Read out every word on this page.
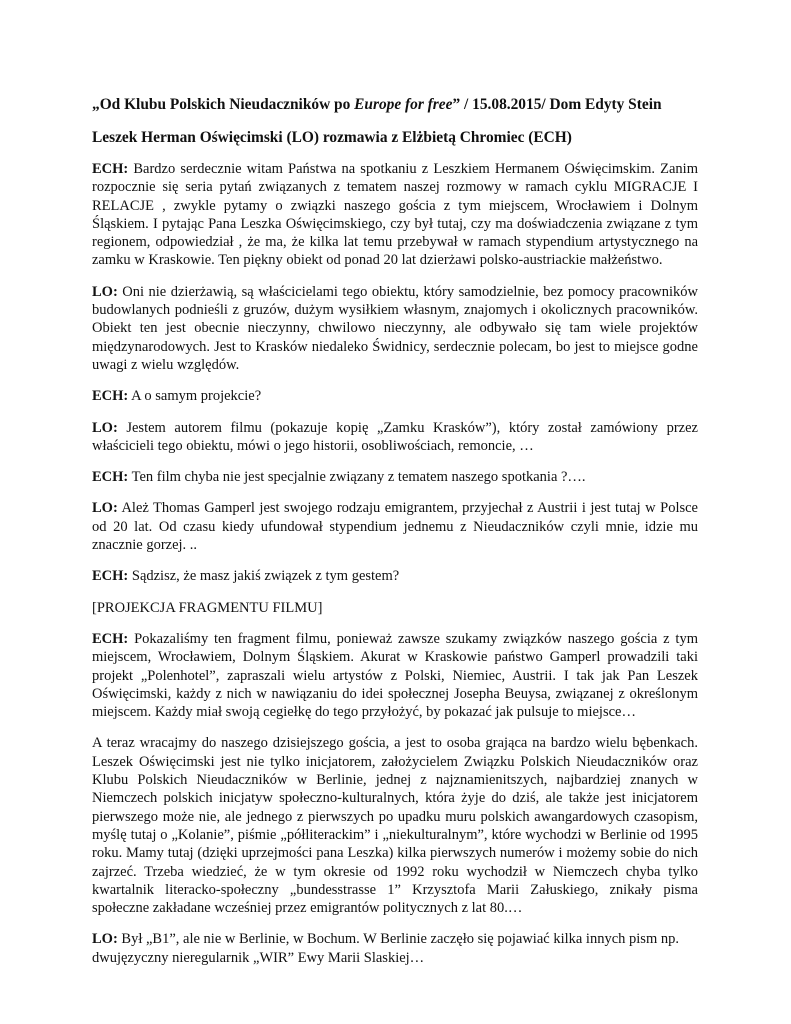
„Od Klubu Polskich Nieudaczników po Europe for free” / 15.08.2015/ Dom Edyty Stein
Leszek Herman Oświęcimski (LO) rozmawia z Elżbietą Chromiec (ECH)

ECH: Bardzo serdecznie witam Państwa na spotkaniu z Leszkiem Hermanem Oświęcimskim. Zanim rozpocznie się seria pytań związanych z tematem naszej rozmowy w ramach cyklu MIGRACJE I RELACJE , zwykle pytamy o związki naszego gościa z tym miejscem, Wrocławiem i Dolnym Śląskiem. I pytając Pana Leszka Oświęcimskiego, czy był tutaj, czy ma doświadczenia związane z tym regionem, odpowiedział , że ma, że kilka lat temu przebywał w ramach stypendium artystycznego na zamku w Kraskowie. Ten piękny obiekt od ponad 20 lat dzierżawi polsko-austriackie małżeństwo.

LO: Oni nie dzierżawią, są właścicielami tego obiektu, który samodzielnie, bez pomocy pracowników budowlanych podnieśli z gruzów, dużym wysiłkiem własnym, znajomych i okolicznych pracowników. Obiekt ten jest obecnie nieczynny, chwilowo nieczynny, ale odbywało się tam wiele projektów międzynarodowych. Jest to Krasków niedaleko Świdnicy, serdecznie polecam, bo jest to miejsce godne uwagi z wielu względów.

ECH: A o samym projekcie?

LO: Jestem autorem filmu (pokazuje kopię „Zamku Krasków”), który został zamówiony przez właścicieli tego obiektu, mówi o jego historii, osobliwościach, remoncie, …

ECH: Ten film chyba nie jest specjalnie związany z tematem naszego spotkania ?….

LO: Ależ Thomas Gamperl jest swojego rodzaju emigrantem, przyjechał z Austrii i jest tutaj w Polsce od 20 lat. Od czasu kiedy ufundował stypendium jednemu z Nieudaczników czyli mnie, idzie mu znacznie gorzej. ..

ECH: Sądzisz, że masz jakiś związek z tym gestem?

[PROJEKCJA FRAGMENTU FILMU]

ECH: Pokazaliśmy ten fragment filmu, ponieważ zawsze szukamy związków naszego gościa z tym miejscem, Wrocławiem, Dolnym Śląskiem. Akurat w Kraskowie państwo Gamperl prowadzili taki projekt „Polenhotel”, zapraszali wielu artystów z Polski, Niemiec, Austrii. I tak jak Pan Leszek Oświęcimski, każdy z nich w nawiązaniu do idei społecznej Josepha Beuysa, związanej z określonym miejscem. Każdy miał swoją cegiełkę do tego przyłożyć, by pokazać jak pulsuje to miejsce…

A teraz wracajmy do naszego dzisiejszego gościa, a jest to osoba grająca na bardzo wielu bębenkach. Leszek Oświęcimski jest nie tylko inicjatorem, założycielem Związku Polskich Nieudaczników oraz Klubu Polskich Nieudaczników w Berlinie, jednej z najznamienitszych, najbardziej znanych w Niemczech polskich inicjatyw społeczno-kulturalnych, która żyje do dziś, ale także jest inicjatorem pierwszego może nie, ale jednego z pierwszych po upadku muru polskich awangardowych czasopism, myślę tutaj o „Kolanie”, piśmie „półliterackim” i „niekulturalnym”, które wychodzi w Berlinie od 1995 roku. Mamy tutaj (dzięki uprzejmości pana Leszka) kilka pierwszych numerów i możemy sobie do nich zajrzeć. Trzeba wiedzieć, że w tym okresie od 1992 roku wychodził w Niemczech chyba tylko kwartalnik literacko-społeczny „bundesstrasse 1” Krzysztofa Marii Załuskiego, znikały pisma społeczne zakładane wcześniej przez emigrantów politycznych z lat 80.…

LO: Był „B1”, ale nie w Berlinie, w Bochum. W Berlinie zaczęło się pojawiać kilka innych pism np. dwujęzyczny nieregularnik „WIR” Ewy Marii Slaskiej…
